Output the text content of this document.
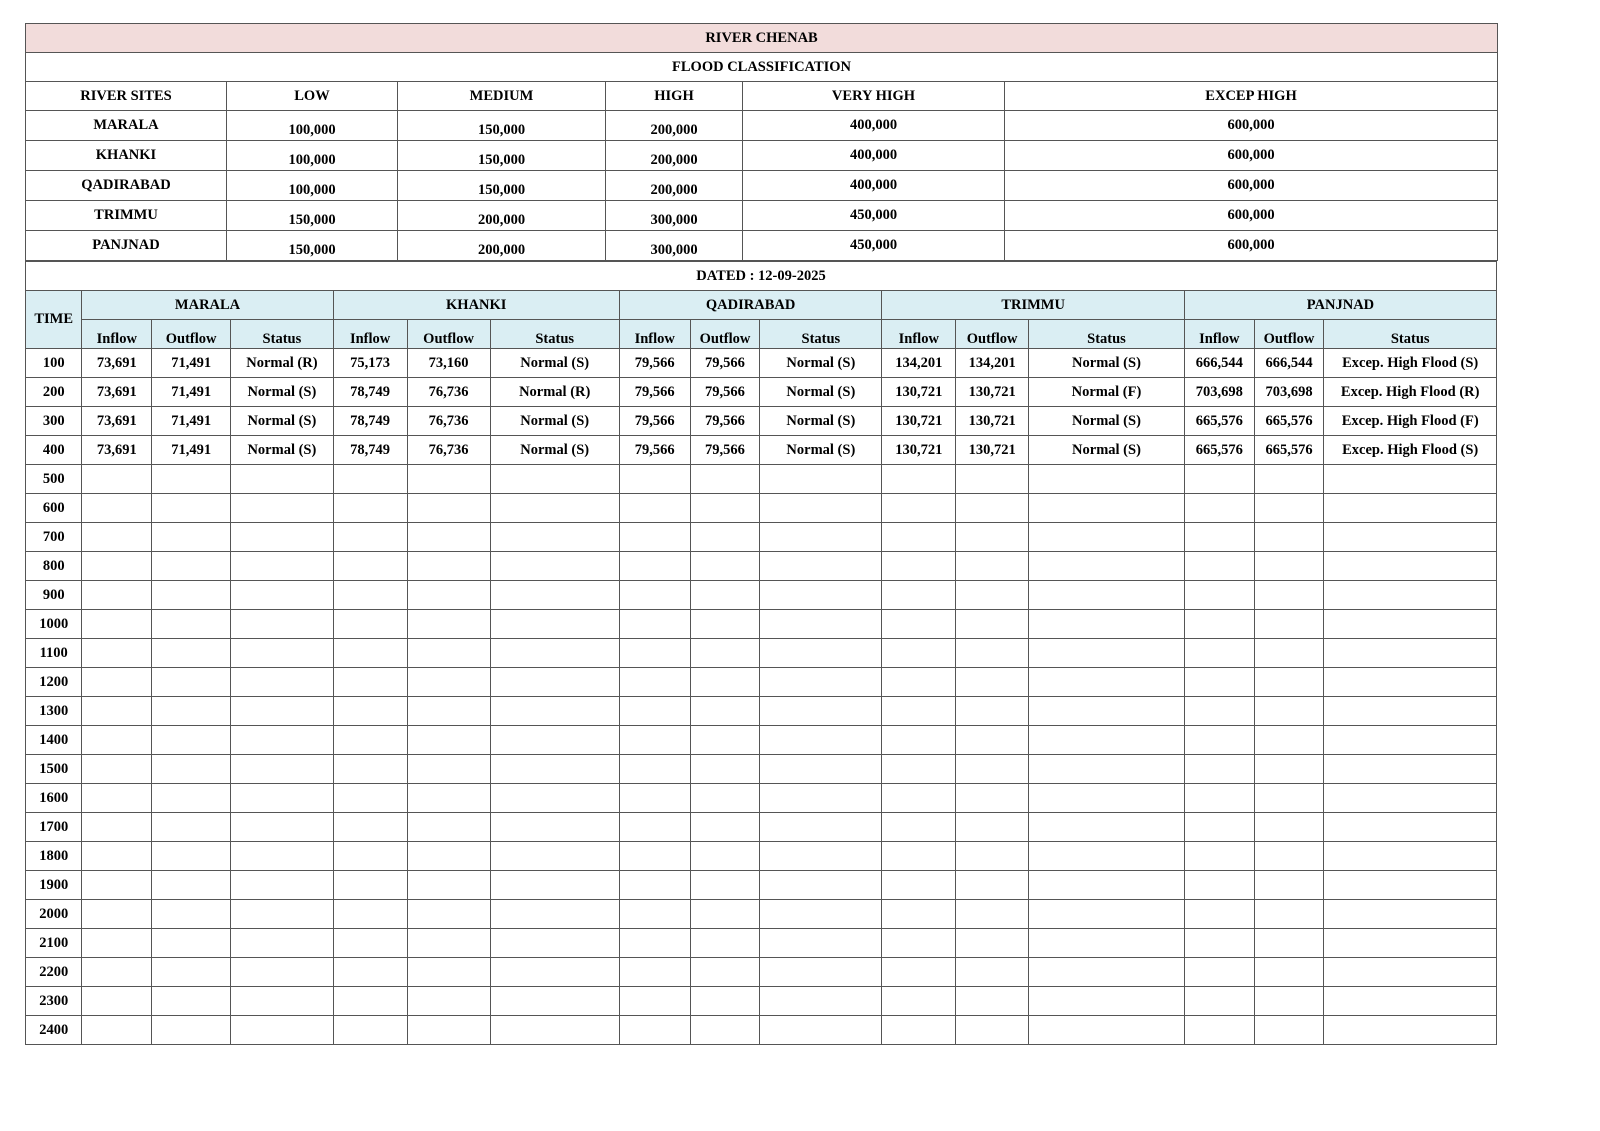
RIVER CHENAB					
FLOOD CLASSIFICATION					
RIVER SITES	LOW	MEDIUM	HIGH	VERY HIGH	EXCEP HIGH
MARALA	100,000	150,000	200,000	400,000	600,000
KHANKI	100,000	150,000	200,000	400,000	600,000
QADIRABAD	100,000	150,000	200,000	400,000	600,000
TRIMMU	150,000	200,000	300,000	450,000	600,000
PANJNAD	150,000	200,000	300,000	450,000	600,000
DATED : 12-09-2025															
TIME	MARALA			KHANKI			QADIRABAD			TRIMMU			PANJNAD		
	Inflow	Outflow	Status	Inflow	Outflow	Status	Inflow	Outflow	Status	Inflow	Outflow	Status	Inflow	Outflow	Status
100	73,691	71,491	Normal (R)	75,173	73,160	Normal (S)	79,566	79,566	Normal (S)	134,201	134,201	Normal (S)	666,544	666,544	Excep. High Flood (S)
200	73,691	71,491	Normal (S)	78,749	76,736	Normal (R)	79,566	79,566	Normal (S)	130,721	130,721	Normal (F)	703,698	703,698	Excep. High Flood (R)
300	73,691	71,491	Normal (S)	78,749	76,736	Normal (S)	79,566	79,566	Normal (S)	130,721	130,721	Normal (S)	665,576	665,576	Excep. High Flood (F)
400	73,691	71,491	Normal (S)	78,749	76,736	Normal (S)	79,566	79,566	Normal (S)	130,721	130,721	Normal (S)	665,576	665,576	Excep. High Flood (S)
500															
600															
700															
800															
900															
1000															
1100															
1200															
1300															
1400															
1500															
1600															
1700															
1800															
1900															
2000															
2100															
2200															
2300															
2400															
